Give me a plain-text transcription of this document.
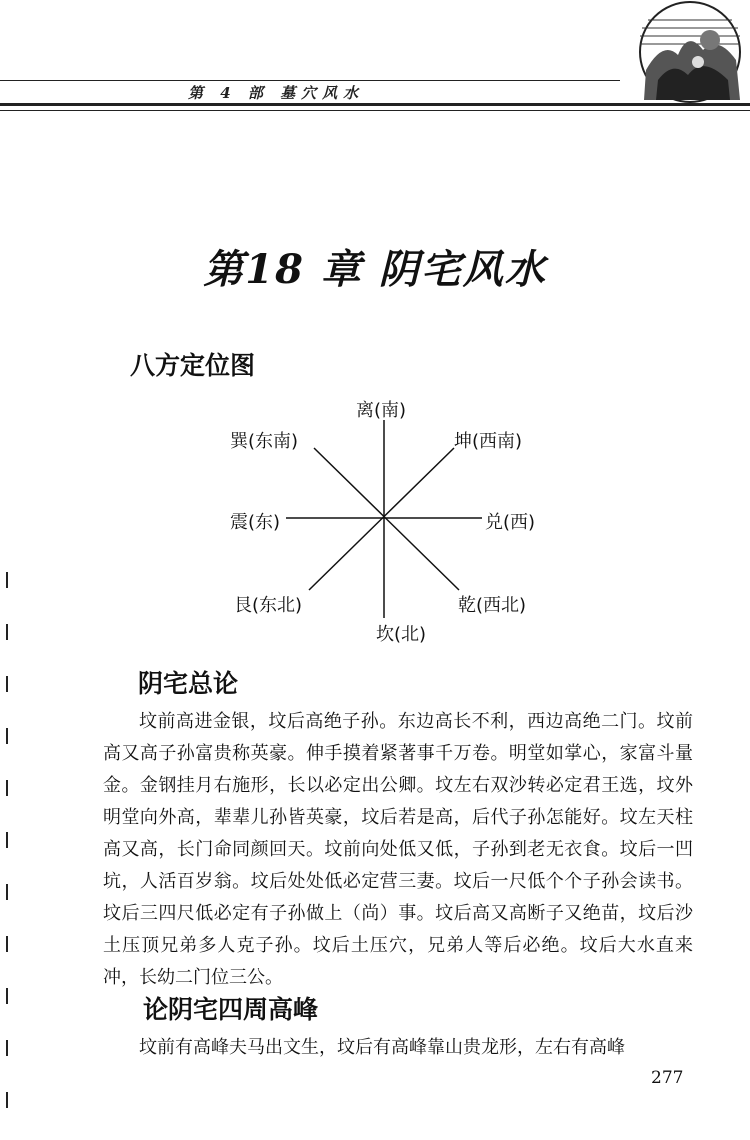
第 4 部 墓穴风水
第18 章 阴宅风水
八方定位图
离(南)
巽(东南)	坤(西南)
震(东)	兑(西)
艮(东北)	乾(西北)
坎(北)
阴宅总论
坟前高进金银，坟后高绝子孙。东边高长不利，西边高绝二门。坟前高又高子孙富贵称英豪。伸手摸着紧著事千万卷。明堂如掌心，家富斗量金。金钢挂月右施形，长以必定出公卿。坟左右双沙转必定君王选，坟外明堂向外高，辈辈儿孙皆英豪，坟后若是高，后代子孙怎能好。坟左天柱高又高，长门命同颜回天。坟前向处低又低，子孙到老无衣食。坟后一凹坑，人活百岁翁。坟后处处低必定营三妻。坟后一尺低个个子孙会读书。坟后三四尺低必定有子孙做上（尚）事。坟后高又高断子又绝苗，坟后沙土压顶兄弟多人克子孙。坟后土压穴，兄弟人等后必绝。坟后大水直来冲，长幼二门位三公。
论阴宅四周高峰
坟前有高峰夫马出文生，坟后有高峰靠山贵龙形，左右有高峰
277
